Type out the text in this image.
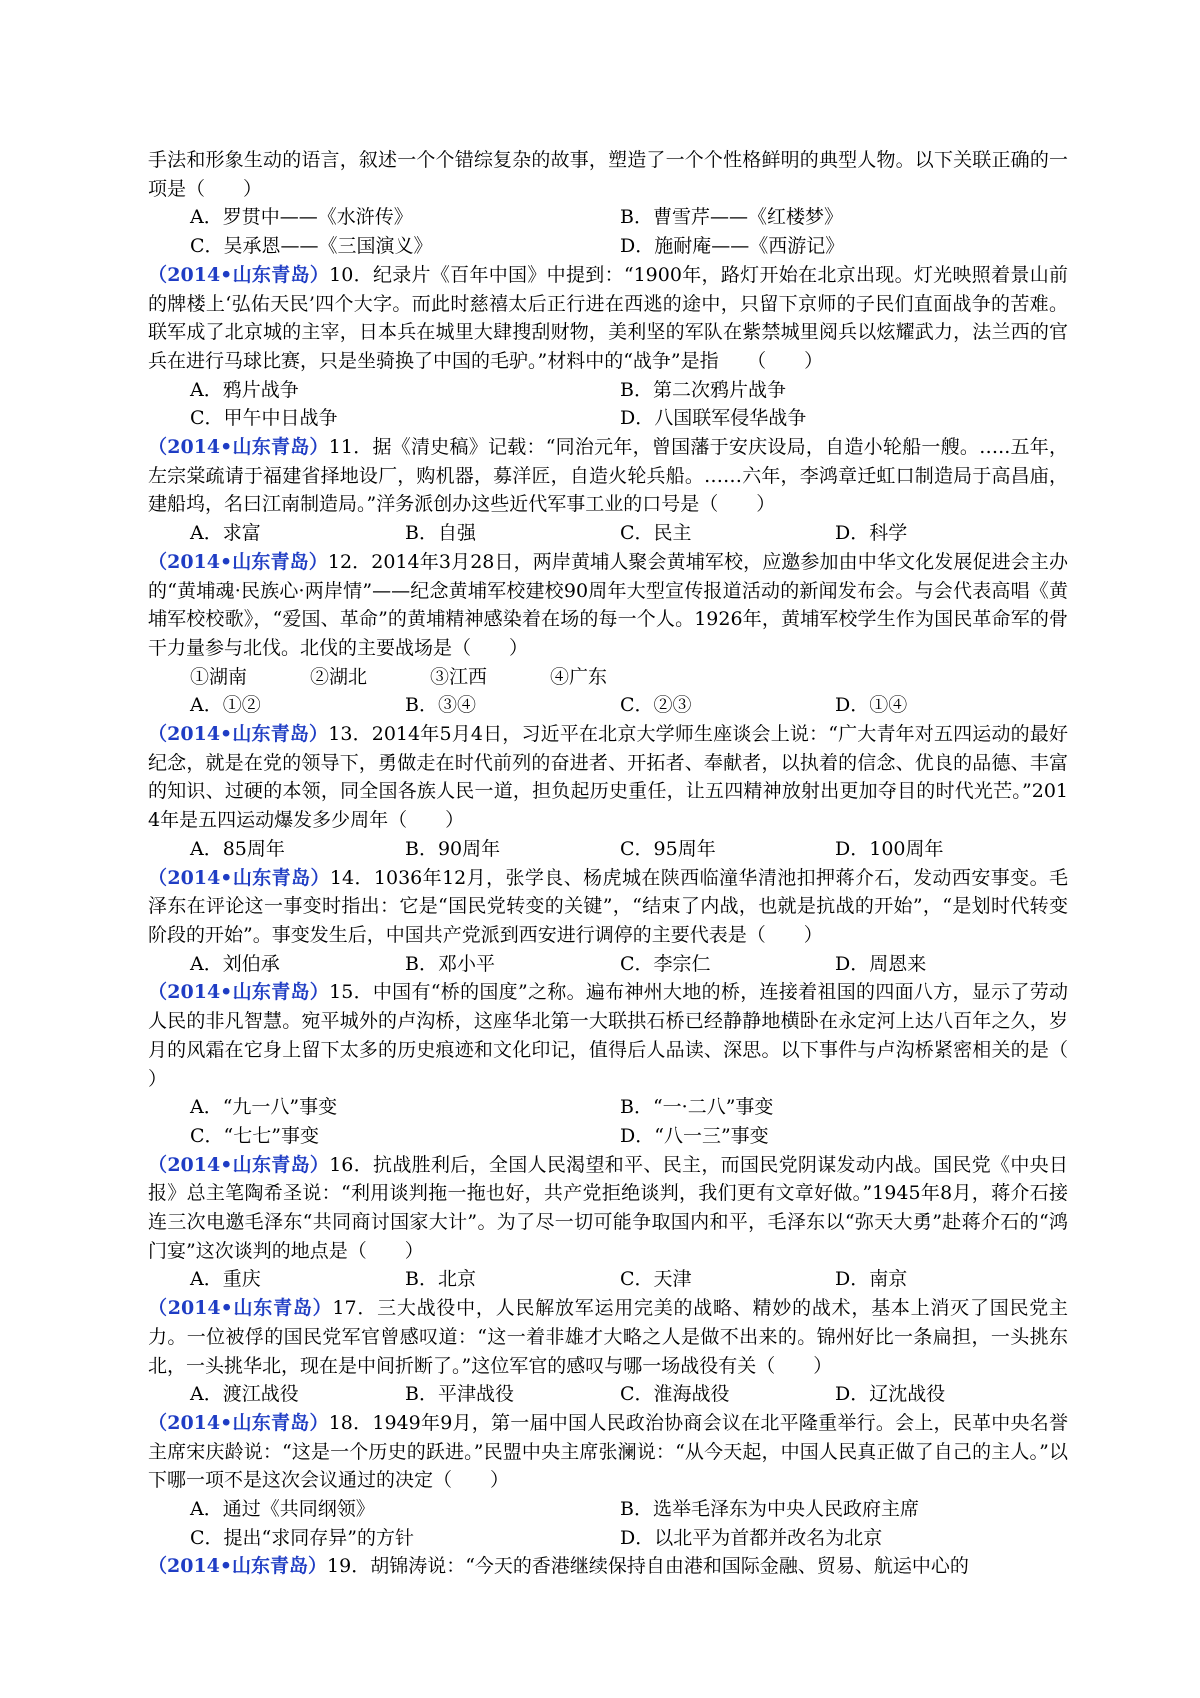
手法和形象生动的语言，叙述一个个错综复杂的故事，塑造了一个个性格鲜明的典型人物。以下关联正确的一项是（　　）

A．罗贯中——《水浒传》	B．曹雪芹——《红楼梦》
C．吴承恩——《三国演义》	D．施耐庵——《西游记》

（2014•山东青岛）10．纪录片《百年中国》中提到：“1900年，路灯开始在北京出现。灯光映照着景山前的牌楼上‘弘佑天民’四个大字。而此时慈禧太后正行进在西逃的途中，只留下京师的子民们直面战争的苦难。联军成了北京城的主宰，日本兵在城里大肆搜刮财物，美利坚的军队在紫禁城里阅兵以炫耀武力，法兰西的官兵在进行马球比赛，只是坐骑换了中国的毛驴。”材料中的“战争”是指　　（　　）

A．鸦片战争	B．第二次鸦片战争
C．甲午中日战争	D．八国联军侵华战争

（2014•山东青岛）11．据《清史稿》记载：“同治元年，曾国藩于安庆设局，自造小轮船一艘。…..五年，左宗棠疏请于福建省择地设厂，购机器，募洋匠，自造火轮兵船。……六年，李鸿章迁虹口制造局于高昌庙，建船坞，名曰江南制造局。”洋务派创办这些近代军事工业的口号是（　　）

A．求富	B．自强	C．民主	D．科学

（2014•山东青岛）12．2014年3月28日，两岸黄埔人聚会黄埔军校，应邀参加由中华文化发展促进会主办的“黄埔魂·民族心·两岸情”——纪念黄埔军校建校90周年大型宣传报道活动的新闻发布会。与会代表高唱《黄埔军校校歌》，“爱国、革命”的黄埔精神感染着在场的每一个人。1926年，黄埔军校学生作为国民革命军的骨干力量参与北伐。北伐的主要战场是（　　）

①湖南	②湖北	③江西	④广东
A．①②	B．③④	C．②③	D．①④

（2014•山东青岛）13．2014年5月4日，习近平在北京大学师生座谈会上说：“广大青年对五四运动的最好纪念，就是在党的领导下，勇做走在时代前列的奋进者、开拓者、奉献者，以执着的信念、优良的品德、丰富的知识、过硬的本领，同全国各族人民一道，担负起历史重任，让五四精神放射出更加夺目的时代光芒。”2014年是五四运动爆发多少周年（　　）

A．85周年	B．90周年	C．95周年	D．100周年

（2014•山东青岛）14．1036年12月，张学良、杨虎城在陕西临潼华清池扣押蒋介石，发动西安事变。毛泽东在评论这一事变时指出：它是“国民党转变的关键”，“结束了内战，也就是抗战的开始”，“是划时代转变阶段的开始”。事变发生后，中国共产党派到西安进行调停的主要代表是（　　）

A．刘伯承	B．邓小平	C．李宗仁	D．周恩来

（2014•山东青岛）15．中国有“桥的国度”之称。遍布神州大地的桥，连接着祖国的四面八方，显示了劳动人民的非凡智慧。宛平城外的卢沟桥，这座华北第一大联拱石桥已经静静地横卧在永定河上达八百年之久，岁月的风霜在它身上留下太多的历史痕迹和文化印记，值得后人品读、深思。以下事件与卢沟桥紧密相关的是（　　）

A．“九一八”事变	B．“一·二八”事变
C．“七七”事变	D．“八一三”事变

（2014•山东青岛）16．抗战胜利后，全国人民渴望和平、民主，而国民党阴谋发动内战。国民党《中央日报》总主笔陶希圣说：“利用谈判拖一拖也好，共产党拒绝谈判，我们更有文章好做。”1945年8月，蒋介石接连三次电邀毛泽东“共同商讨国家大计”。为了尽一切可能争取国内和平，毛泽东以“弥天大勇”赴蒋介石的“鸿门宴”这次谈判的地点是（　　）

A．重庆	B．北京	C．天津	D．南京

（2014•山东青岛）17．三大战役中，人民解放军运用完美的战略、精妙的战术，基本上消灭了国民党主力。一位被俘的国民党军官曾感叹道：“这一着非雄才大略之人是做不出来的。锦州好比一条扁担，一头挑东北，一头挑华北，现在是中间折断了。”这位军官的感叹与哪一场战役有关（　　）

A．渡江战役	B．平津战役	C．淮海战役	D．辽沈战役

（2014•山东青岛）18．1949年9月，第一届中国人民政治协商会议在北平隆重举行。会上，民革中央名誉主席宋庆龄说：“这是一个历史的跃进。”民盟中央主席张澜说：“从今天起，中国人民真正做了自己的主人。”以下哪一项不是这次会议通过的决定（　　）

A．通过《共同纲领》	B．选举毛泽东为中央人民政府主席
C．提出“求同存异”的方针	D．以北平为首都并改名为北京

（2014•山东青岛）19．胡锦涛说：“今天的香港继续保持自由港和国际金融、贸易、航运中心的
